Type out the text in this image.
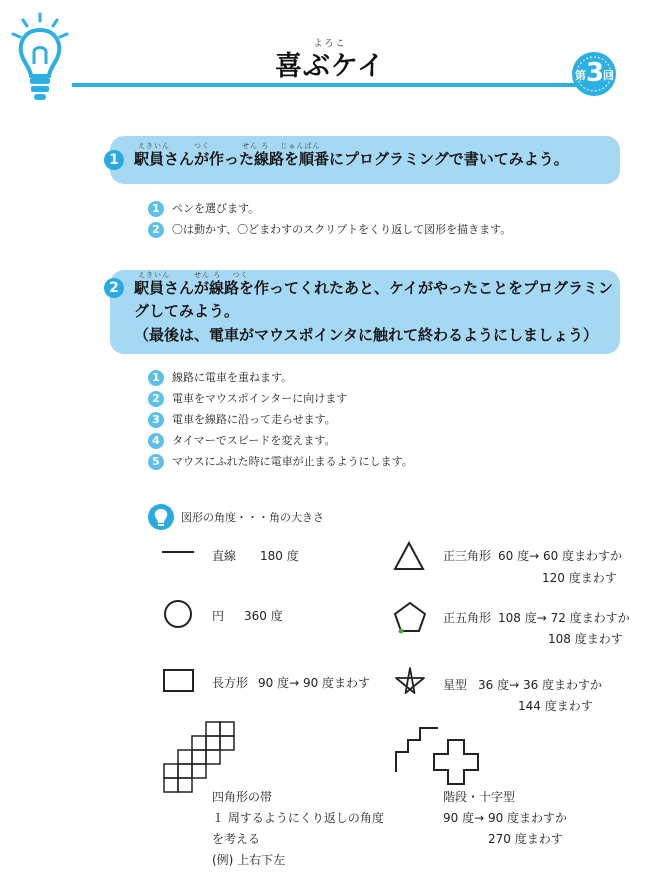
よろこ
喜ぶケイ	第 3
回
1
えきいん　　　つく　　　　せん ろ　 じゅんばん
駅員さんが作った線路を順番にプログラミングで書いてみよう。
1	ペンを選びます。
2	〇は動かす、〇どまわすのスクリプトをくり返して図形を描きます。
2
えきいん　　　せん ろ　 つく
駅員さんが線路を作ってくれたあと、ケイがやったことをプログラミン
グしてみよう。
（最後は、電車がマウスポインタに触れて終わるようにしましょう）
1	線路に電車を重ねます。
2	電車をマウスポインターに向けます
3	電車を線路に沿って走らせます。
4	タイマーでスピードを変えます。
5	マウスにふれた時に電車が止まるようにします。
図形の角度・・・角の大きさ
直線 180 度
円 360 度
長方形 90 度→ 90 度まわす
四角形の帯
１ 周するようにくり返しの角度
を考える
(例) 上右下左
正三角形 60 度→ 60 度まわすか
120 度まわす
正五角形 108 度→ 72 度まわすか
108 度まわす
星型 36 度→ 36 度まわすか
144 度まわす
階段・十字型
90 度→ 90 度まわすか
270 度まわす
